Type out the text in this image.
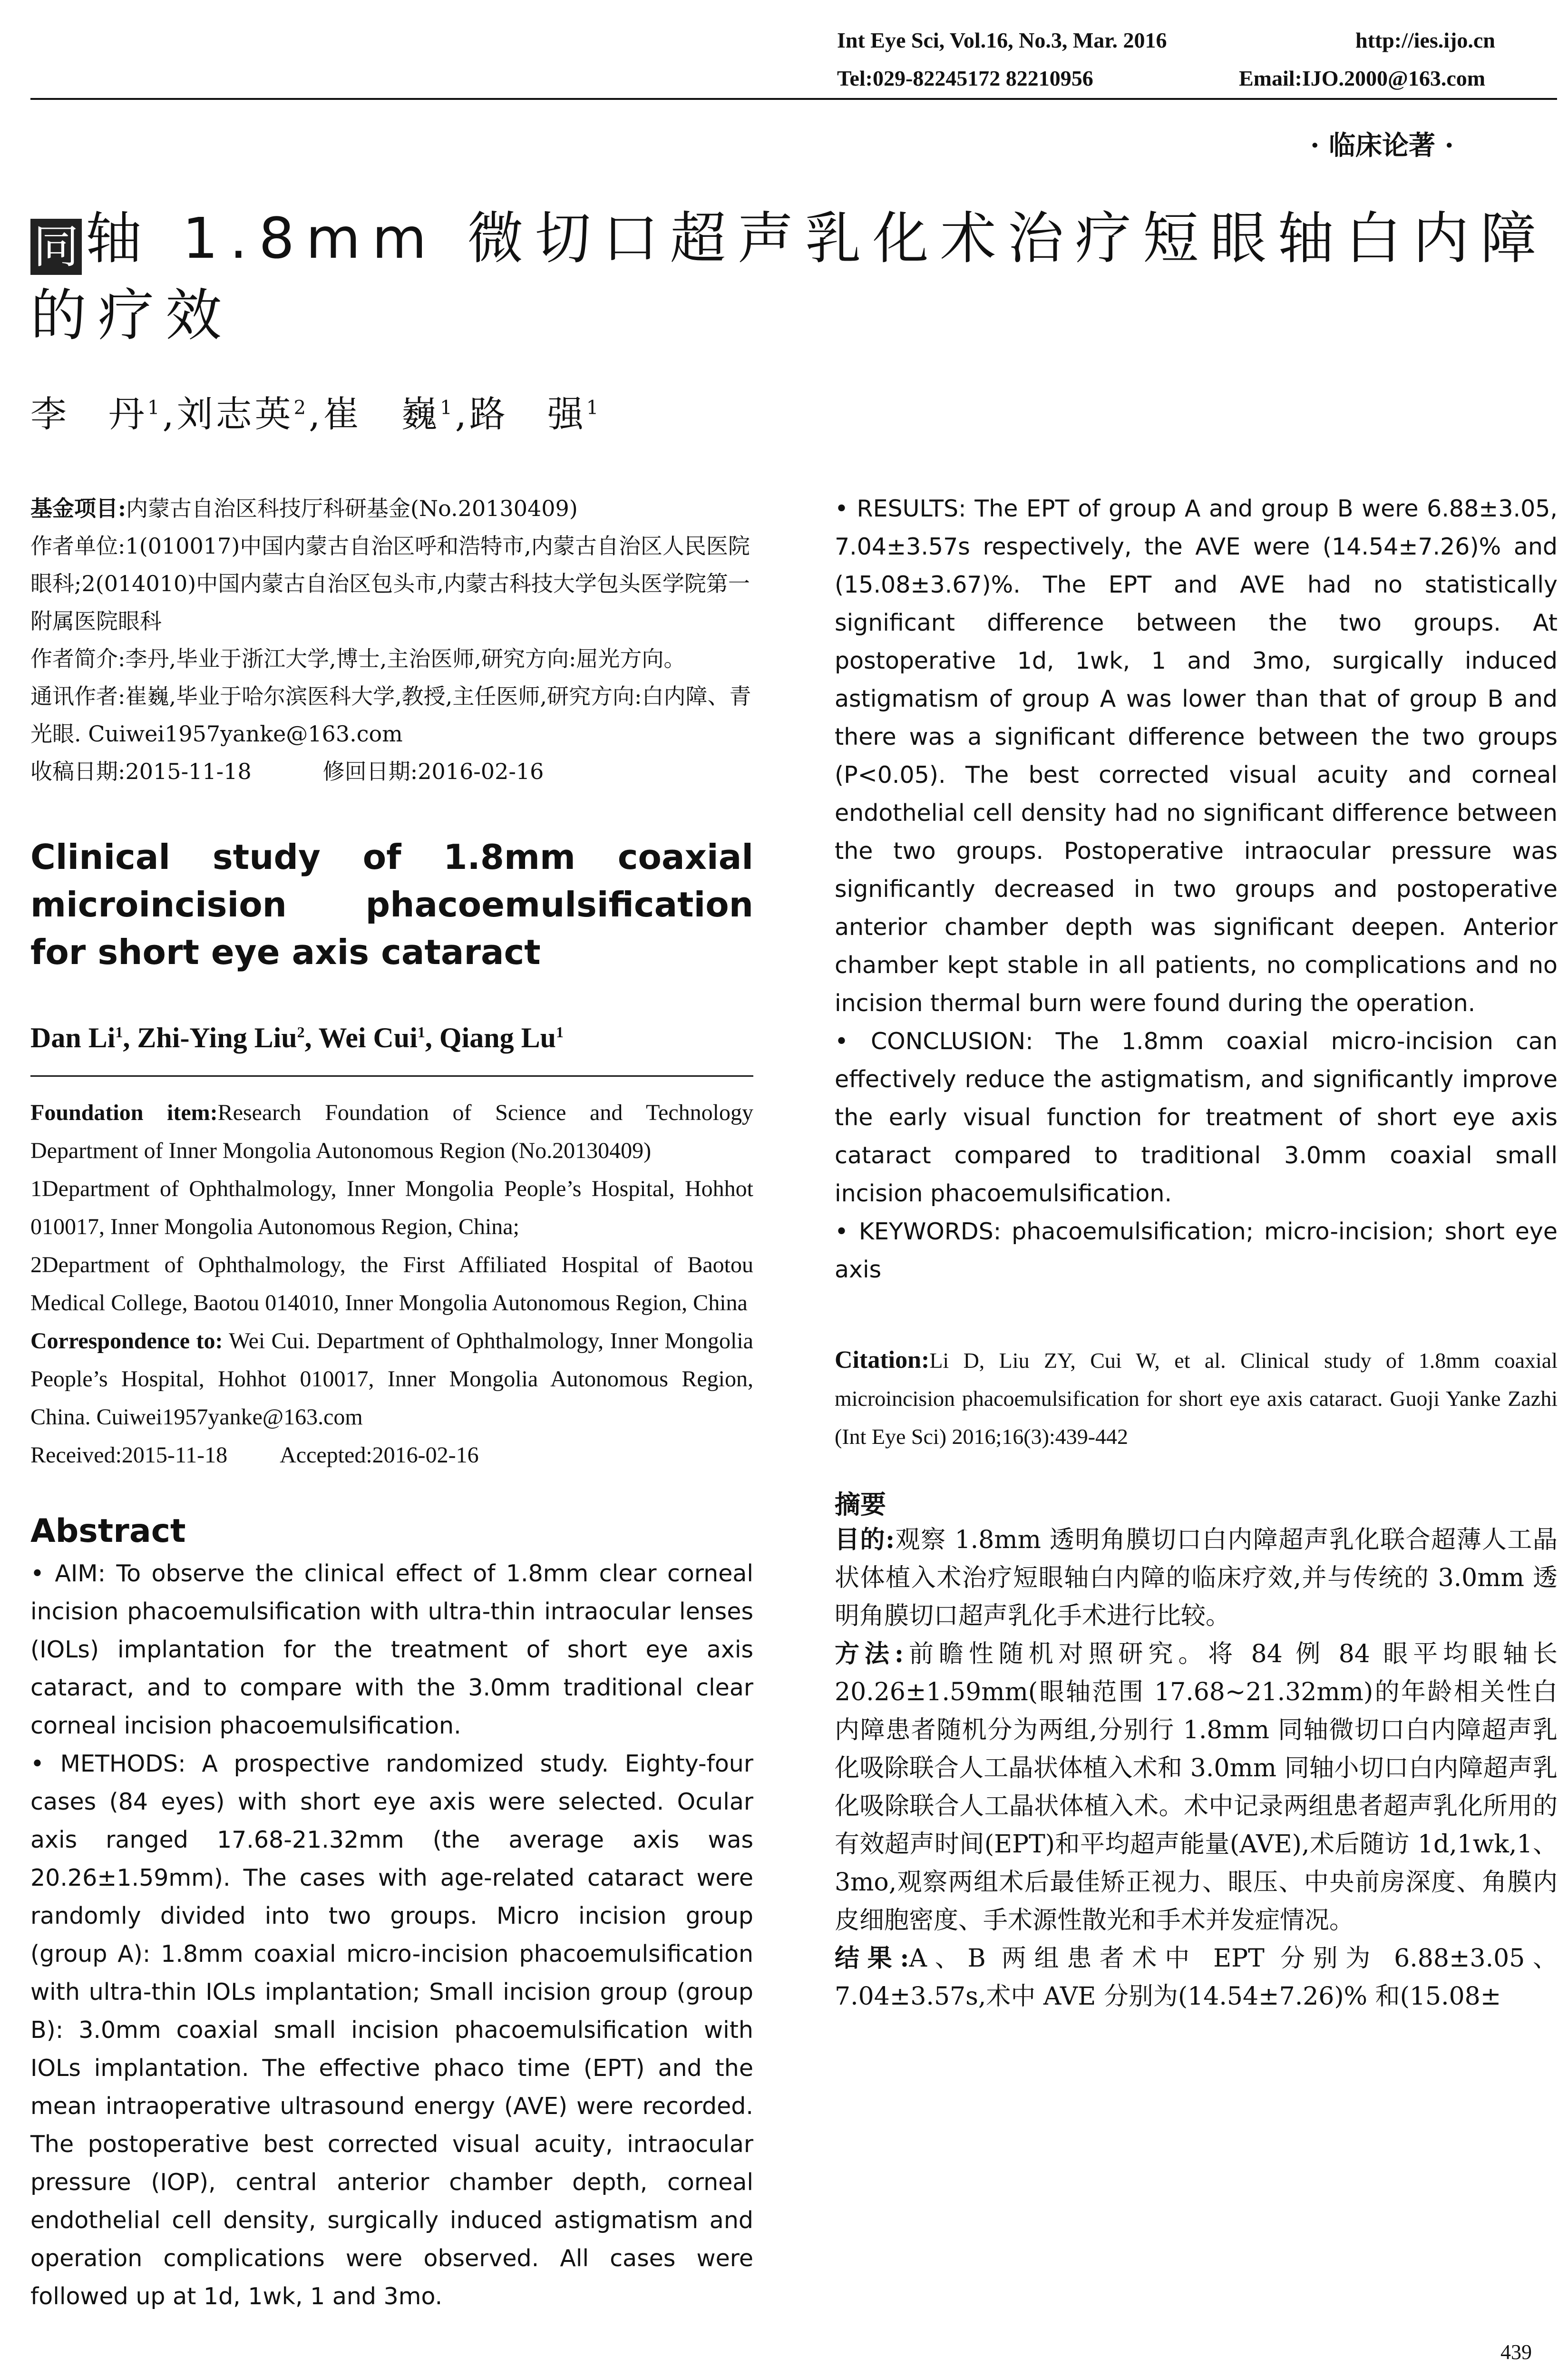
Int Eye Sci, Vol.16, No.3, Mar. 2016	http://ies.ijo.cn
Tel:029-82245172 82210956	Email:IJO.2000@163.com
· 临床论著 ·
同 轴 1.8mm 微切口超声乳化术治疗短眼轴白内障的疗效
李　丹$^1$,刘志英$^2$,崔　巍$^1$,路　强$^1$

基金项目:内蒙古自治区科技厅科研基金(No.20130409)

作者单位:1(010017)中国内蒙古自治区呼和浩特市,内蒙古自治区人民医院眼科;2(014010)中国内蒙古自治区包头市,内蒙古科技大学包头医学院第一附属医院眼科

作者简介:李丹,毕业于浙江大学,博士,主治医师,研究方向:屈光方向。

通讯作者:崔巍,毕业于哈尔滨医科大学,教授,主任医师,研究方向:白内障、青光眼. Cuiwei1957yanke@163.com

收稿日期:2015-11-18	修回日期:2016-02-16

Clinical study of 1.8mm coaxial microincision phacoemulsification for short eye axis cataract
Dan Li$^1$, Zhi-Ying Liu$^2$, Wei Cui$^1$, Qiang Lu$^1$

Foundation item:Research Foundation of Science and Technology Department of Inner Mongolia Autonomous Region (No.20130409)

1Department of Ophthalmology, Inner Mongolia People’s Hospital, Hohhot 010017, Inner Mongolia Autonomous Region, China;

2Department of Ophthalmology, the First Affiliated Hospital of Baotou Medical College, Baotou 014010, Inner Mongolia Autonomous Region, China

Correspondence to: Wei Cui. Department of Ophthalmology, Inner Mongolia People’s Hospital, Hohhot 010017, Inner Mongolia Autonomous Region, China. Cuiwei1957yanke@163.com

Received:2015-11-18 Accepted:2016-02-16

Abstract

• AIM: To observe the clinical effect of 1.8mm clear corneal incision phacoemulsification with ultra-thin intraocular lenses (IOLs) implantation for the treatment of short eye axis cataract, and to compare with the 3.0mm traditional clear corneal incision phacoemulsification.

• METHODS: A prospective randomized study. Eighty-four cases (84 eyes) with short eye axis were selected. Ocular axis ranged 17.68-21.32mm (the average axis was 20.26±1.59mm). The cases with age-related cataract were randomly divided into two groups. Micro incision group (group A): 1.8mm coaxial micro-incision phacoemulsification with ultra-thin IOLs implantation; Small incision group (group B): 3.0mm coaxial small incision phacoemulsification with IOLs implantation. The effective phaco time (EPT) and the mean intraoperative ultrasound energy (AVE) were recorded. The postoperative best corrected visual acuity, intraocular pressure (IOP), central anterior chamber depth, corneal endothelial cell density, surgically induced astigmatism and operation complications were observed. All cases were followed up at 1d, 1wk, 1 and 3mo.

• RESULTS: The EPT of group A and group B were 6.88±3.05, 7.04±3.57s respectively, the AVE were (14.54±7.26)% and (15.08±3.67)%. The EPT and AVE had no statistically significant difference between the two groups. At postoperative 1d, 1wk, 1 and 3mo, surgically induced astigmatism of group A was lower than that of group B and there was a significant difference between the two groups (P<0.05). The best corrected visual acuity and corneal endothelial cell density had no significant difference between the two groups. Postoperative intraocular pressure was significantly decreased in two groups and postoperative anterior chamber depth was significant deepen. Anterior chamber kept stable in all patients, no complications and no incision thermal burn were found during the operation.

• CONCLUSION: The 1.8mm coaxial micro-incision can effectively reduce the astigmatism, and significantly improve the early visual function for treatment of short eye axis cataract compared to traditional 3.0mm coaxial small incision phacoemulsification.

• KEYWORDS: phacoemulsification; micro-incision; short eye axis

Citation:Li D, Liu ZY, Cui W, et al. Clinical study of 1.8mm coaxial microincision phacoemulsification for short eye axis cataract. Guoji Yanke Zazhi (Int Eye Sci) 2016;16(3):439-442

摘要

目的:观察 1.8mm 透明角膜切口白内障超声乳化联合超薄人工晶状体植入术治疗短眼轴白内障的临床疗效,并与传统的 3.0mm 透明角膜切口超声乳化手术进行比较。

方法:前瞻性随机对照研究。将 84 例 84 眼平均眼轴长 20.26±1.59mm(眼轴范围 17.68~21.32mm)的年龄相关性白内障患者随机分为两组,分别行 1.8mm 同轴微切口白内障超声乳化吸除联合人工晶状体植入术和 3.0mm 同轴小切口白内障超声乳化吸除联合人工晶状体植入术。术中记录两组患者超声乳化所用的有效超声时间(EPT)和平均超声能量(AVE),术后随访 1d,1wk,1、3mo,观察两组术后最佳矫正视力、眼压、中央前房深度、角膜内皮细胞密度、手术源性散光和手术并发症情况。

结果:A、B 两组患者术中 EPT 分别为 6.88±3.05、7.04±3.57s,术中 AVE 分别为(14.54±7.26)% 和(15.08±

439
